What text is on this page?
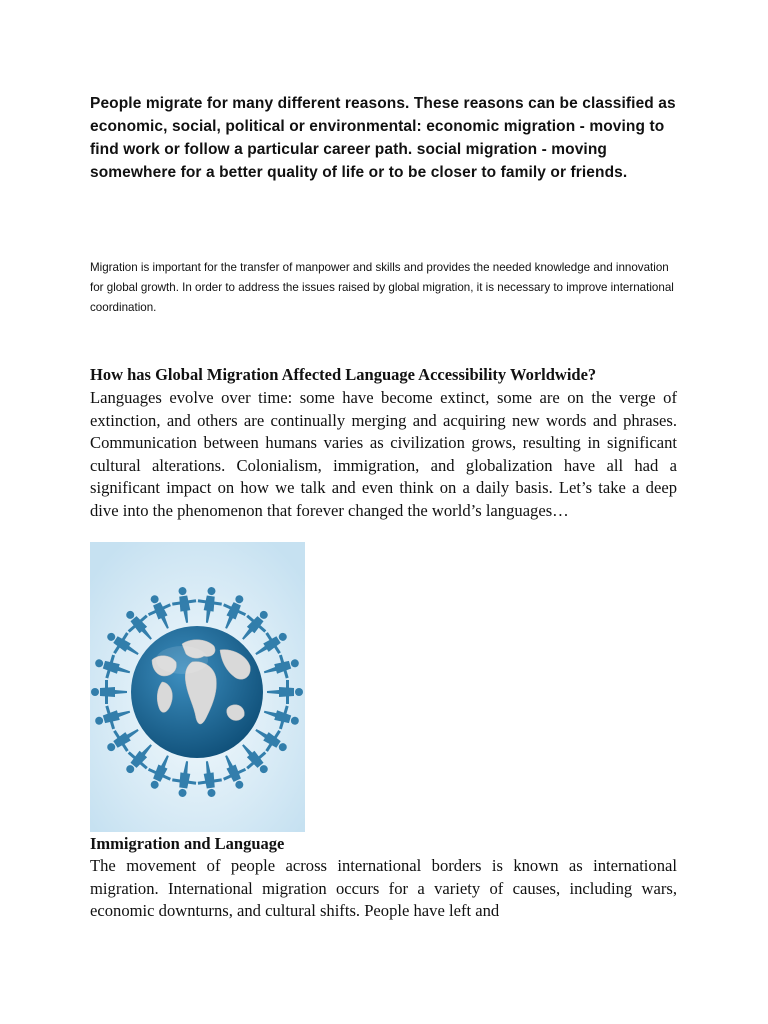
People migrate for many different reasons. These reasons can be classified as economic, social, political or environmental: economic migration - moving to find work or follow a particular career path. social migration - moving somewhere for a better quality of life or to be closer to family or friends.

Migration is important for the transfer of manpower and skills and provides the needed knowledge and innovation for global growth. In order to address the issues raised by global migration, it is necessary to improve international coordination.

How has Global Migration Affected Language Accessibility Worldwide?

Languages evolve over time: some have become extinct, some are on the verge of extinction, and others are continually merging and acquiring new words and phrases. Communication between humans varies as civilization grows, resulting in significant cultural alterations. Colonialism, immigration, and globalization have all had a significant impact on how we talk and even think on a daily basis. Let’s take a deep dive into the phenomenon that forever changed the world’s languages…

Immigration and Language

The movement of people across international borders is known as international migration. International migration occurs for a variety of causes, including wars, economic downturns, and cultural shifts. People have left and
